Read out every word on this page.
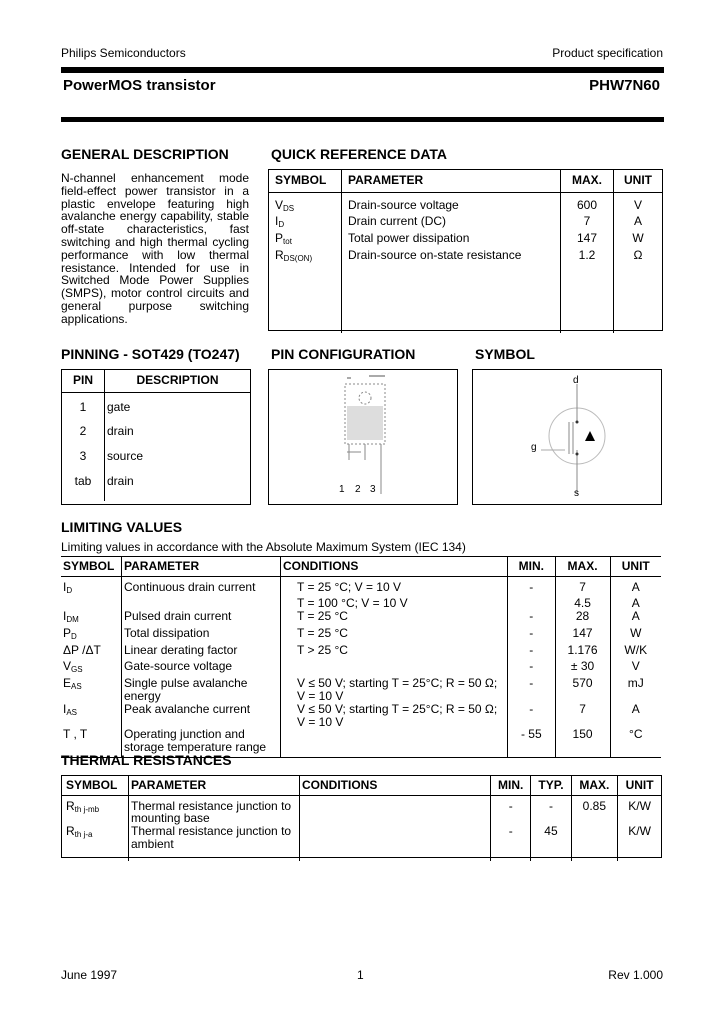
Philips Semiconductors	Product specification
PowerMOS transistor	PHW7N60
GENERAL DESCRIPTION
N-channel enhancement mode field-effect power transistor in a plastic envelope featuring high avalanche energy capability, stable off-state characteristics, fast switching and high thermal cycling performance with low thermal resistance. Intended for use in Switched Mode Power Supplies (SMPS), motor control circuits and general purpose switching applications.
QUICK REFERENCE DATA
SYMBOL	PARAMETER	MAX.	UNIT
$V_{DS}$	Drain-source voltage	600	V
$I_D$	Drain current (DC)	7	A
$P_{tot}$	Total power dissipation	147	W
$R_{DS(ON)}$	Drain-source on-state resistance	1.2	Ω
PINNING - SOT429 (TO247)
PIN	DESCRIPTION
1	gate
2	drain
3	source
tab	drain
PIN CONFIGURATION
1 2 3
SYMBOL
d
g
s
LIMITING VALUES
Limiting values in accordance with the Absolute Maximum System (IEC 134)
SYMBOL	PARAMETER	CONDITIONS	MIN.	MAX.	UNIT
$I_D$	Continuous drain current	T = 25 °C; V = 10 V	-	7	A
		T = 100 °C; V = 10 V		4.5	A
$I_{DM}$	Pulsed drain current	T = 25 °C	-	28	A
$P_D$	Total dissipation	T = 25 °C	-	147	W
ΔP /ΔT	Linear derating factor	T > 25 °C	-	1.176	W/K
$V_{GS}$	Gate-source voltage		-	± 30	V
$E_{AS}$	Single pulse avalanche energy	V ≤ 50 V; starting T = 25°C; R = 50 Ω; V = 10 V	-	570	mJ
$I_{AS}$	Peak avalanche current	V ≤ 50 V; starting T = 25°C; R = 50 Ω; V = 10 V	-	7	A
T , T	Operating junction and storage temperature range		- 55	150	°C
THERMAL RESISTANCES
SYMBOL	PARAMETER	CONDITIONS	MIN.	TYP.	MAX.	UNIT
$R_{th j-mb}$	Thermal resistance junction to mounting base		-	-	0.85	K/W
$R_{th j-a}$	Thermal resistance junction to ambient		-	45		K/W
June 1997	1	Rev 1.000
